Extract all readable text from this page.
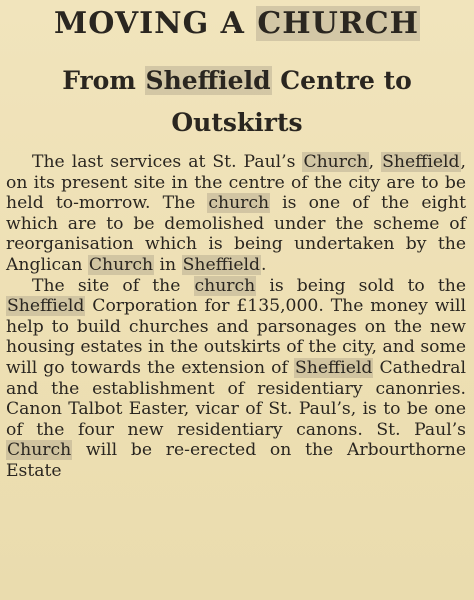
MOVING A CHURCH
From Sheffield Centre to
Outskirts

The last services at St. Paul’s Church, Sheffield, on its present site in the centre of the city are to be held to-morrow. The church is one of the eight which are to be demolished under the scheme of reorganisation which is being undertaken by the Anglican Church in Sheffield.

The site of the church is being sold to the Sheffield Corporation for £135,000. The money will help to build churches and parsonages on the new housing estates in the outskirts of the city, and some will go towards the extension of Sheffield Cathedral and the establishment of residentiary canonries. Canon Talbot Easter, vicar of St. Paul’s, is to be one of the four new residentiary canons. St. Paul’s Church will be re-erected on the Arbourthorne Estate
